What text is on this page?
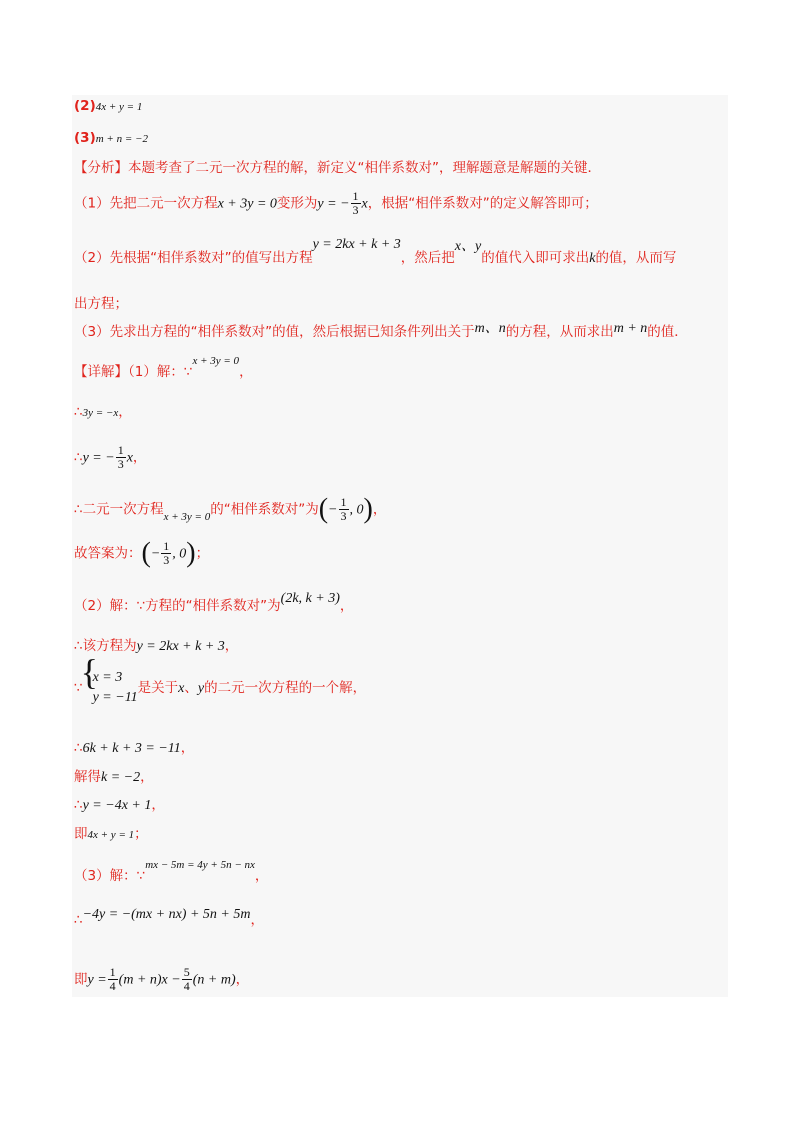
(2)4x + y = 1
(3)m + n = −2
【分析】本题考查了二元一次方程的解，新定义“相伴系数对”，理解题意是解题的关键．
（1）先把二元一次方程x + 3y = 0变形为y = − $\frac{1}{3}$ x，根据“相伴系数对”的定义解答即可；
（2）先根据“相伴系数对”的值写出方程y = 2kx + k + 3，然后把x、y的值代入即可求出k的值，从而写
出方程；
（3）先求出方程的“相伴系数对”的值，然后根据已知条件列出关于m、n的方程，从而求出m + n的值．
【详解】（1）解：∵$^{x + 3y = 0}$，
∴3y = −x，
∴y = − $\frac{1}{3}$ x，
∴二元一次方程$_{x + 3y = 0}$的“相伴系数对”为(− $\frac{1}{3}$ , 0)，
故答案为：(− $\frac{1}{3}$ , 0)；
（2）解：∵方程的“相伴系数对”为(2k, k + 3)，
∴该方程为y = 2kx + k + 3，
∵
{
x = 3
y = −11
是关于x、y的二元一次方程的一个解，
∴6k + k + 3 = −11，
解得k = −2，
∴y = −4x + 1，
即4x + y = 1；
（3）解：∵$^{mx - 5m = 4y + 5n - nx}$，
∴−4y = −(mx + nx) + 5n + 5m，
即$y = \frac{1}{4} (m + n)x - \frac{5}{4} (n + m)$，
